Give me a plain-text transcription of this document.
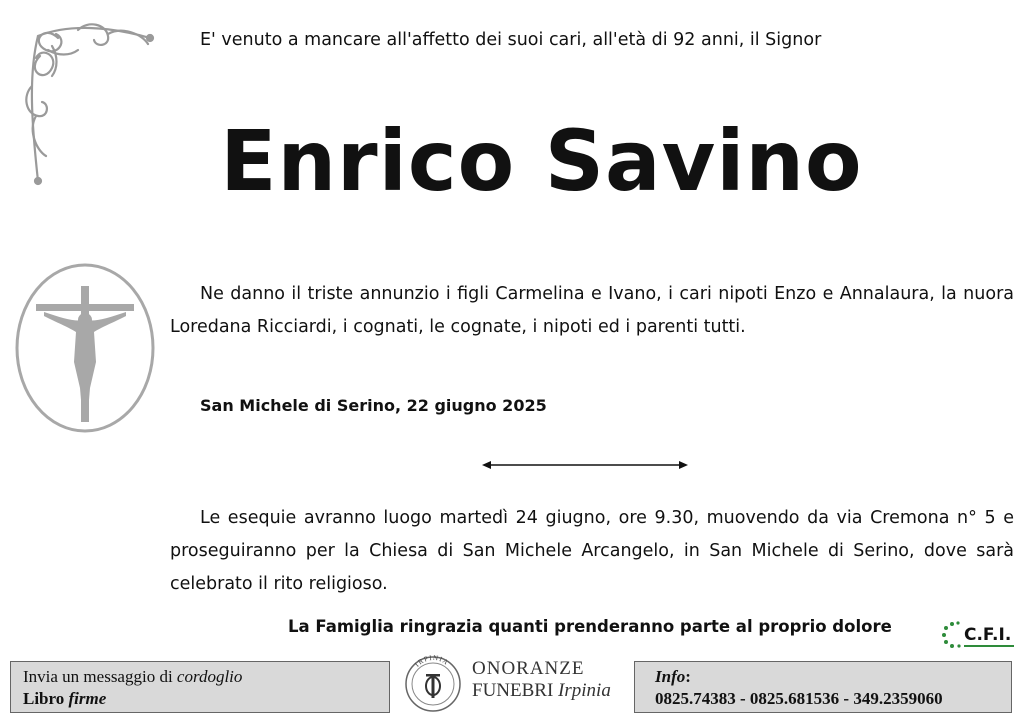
E' venuto a mancare all'affetto dei suoi cari, all'età di 92 anni, il Signor
Enrico Savino
Ne danno il triste annunzio i figli Carmelina e Ivano, i cari nipoti Enzo e Annalaura, la nuora Loredana Ricciardi, i cognati, le cognate, i nipoti ed i parenti tutti.
San Michele di Serino, 22 giugno 2025
Le esequie avranno luogo martedì 24 giugno, ore 9.30, muovendo da via Cremona n° 5 e proseguiranno per la Chiesa di San Michele Arcangelo, in San Michele di Serino, dove sarà celebrato il rito religioso.
La Famiglia ringrazia quanti prenderanno parte al proprio dolore	C.F.I.
Invia un messaggio di cordoglio
Libro firme
IRPINIA ONORANZE
FUNEBRI Irpinia
Info:
0825.74383 - 0825.681536 - 349.2359060
